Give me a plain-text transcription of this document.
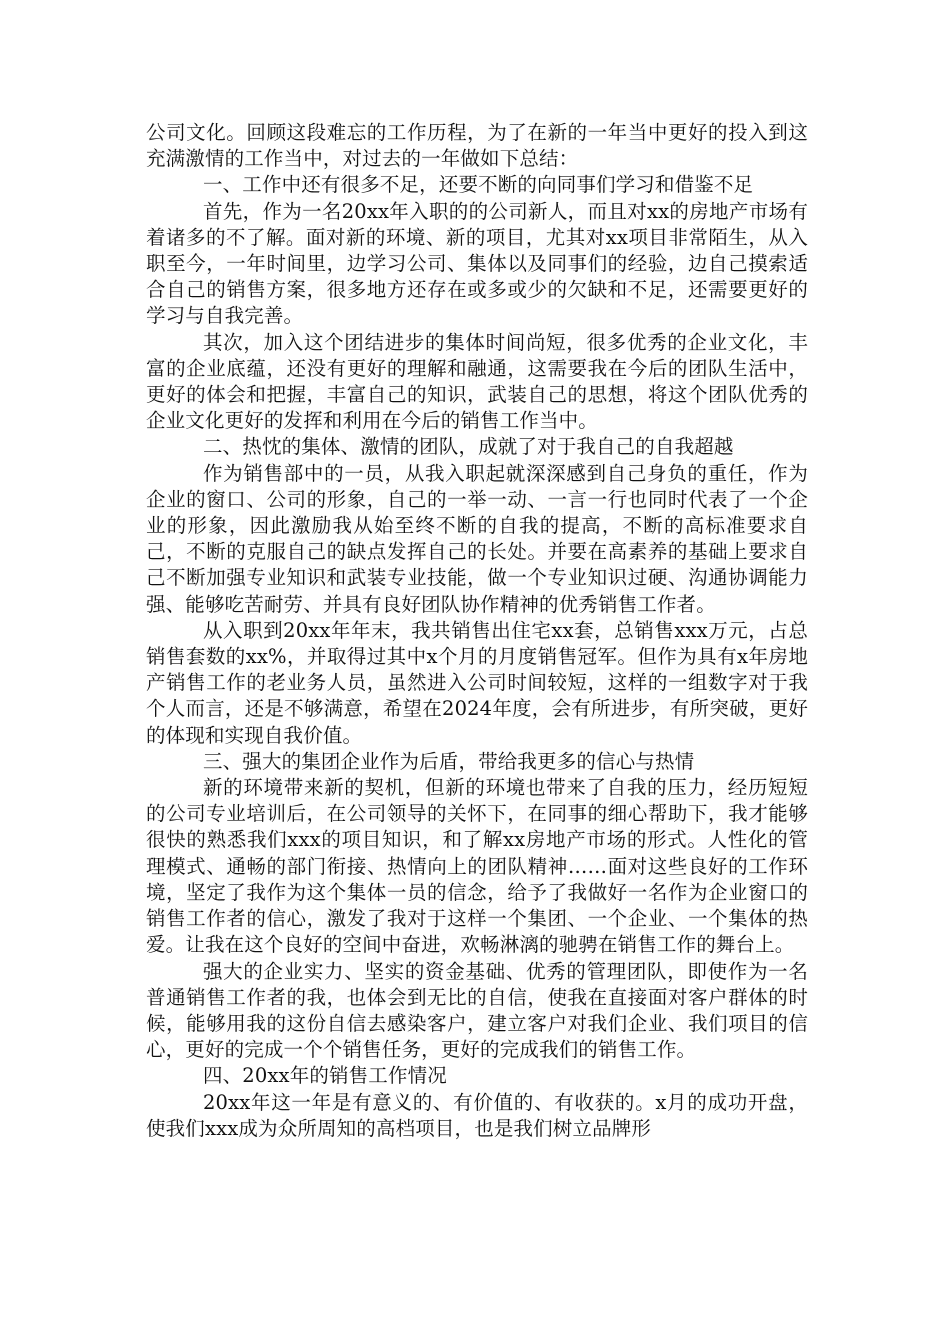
公司文化。回顾这段难忘的工作历程，为了在新的一年当中更好的投入到这充满激情的工作当中，对过去的一年做如下总结：

一、工作中还有很多不足，还要不断的向同事们学习和借鉴不足

首先，作为一名20xx年入职的的公司新人，而且对xx的房地产市场有着诸多的不了解。面对新的环境、新的项目，尤其对xx项目非常陌生，从入职至今，一年时间里，边学习公司、集体以及同事们的经验，边自己摸索适合自己的销售方案，很多地方还存在或多或少的欠缺和不足，还需要更好的学习与自我完善。

其次，加入这个团结进步的集体时间尚短，很多优秀的企业文化，丰富的企业底蕴，还没有更好的理解和融通，这需要我在今后的团队生活中，更好的体会和把握，丰富自己的知识，武装自己的思想，将这个团队优秀的企业文化更好的发挥和利用在今后的销售工作当中。

二、热忱的集体、激情的团队，成就了对于我自己的自我超越

作为销售部中的一员，从我入职起就深深感到自己身负的重任，作为企业的窗口、公司的形象，自己的一举一动、一言一行也同时代表了一个企业的形象，因此激励我从始至终不断的自我的提高，不断的高标准要求自己，不断的克服自己的缺点发挥自己的长处。并要在高素养的基础上要求自己不断加强专业知识和武装专业技能，做一个专业知识过硬、沟通协调能力强、能够吃苦耐劳、并具有良好团队协作精神的优秀销售工作者。

从入职到20xx年年末，我共销售出住宅xx套，总销售xxx万元，占总销售套数的xx%，并取得过其中x个月的月度销售冠军。但作为具有x年房地产销售工作的老业务人员，虽然进入公司时间较短，这样的一组数字对于我个人而言，还是不够满意，希望在2024年度，会有所进步，有所突破，更好的体现和实现自我价值。

三、强大的集团企业作为后盾，带给我更多的信心与热情

新的环境带来新的契机，但新的环境也带来了自我的压力，经历短短的公司专业培训后，在公司领导的关怀下，在同事的细心帮助下，我才能够很快的熟悉我们xxx的项目知识，和了解xx房地产市场的形式。人性化的管理模式、通畅的部门衔接、热情向上的团队精神……面对这些良好的工作环境，坚定了我作为这个集体一员的信念，给予了我做好一名作为企业窗口的销售工作者的信心，激发了我对于这样一个集团、一个企业、一个集体的热爱。让我在这个良好的空间中奋进，欢畅淋漓的驰骋在销售工作的舞台上。

强大的企业实力、坚实的资金基础、优秀的管理团队，即使作为一名普通销售工作者的我，也体会到无比的自信，使我在直接面对客户群体的时候，能够用我的这份自信去感染客户，建立客户对我们企业、我们项目的信心，更好的完成一个个销售任务，更好的完成我们的销售工作。

四、20xx年的销售工作情况

20xx年这一年是有意义的、有价值的、有收获的。x月的成功开盘，使我们xxx成为众所周知的高档项目，也是我们树立品牌形
